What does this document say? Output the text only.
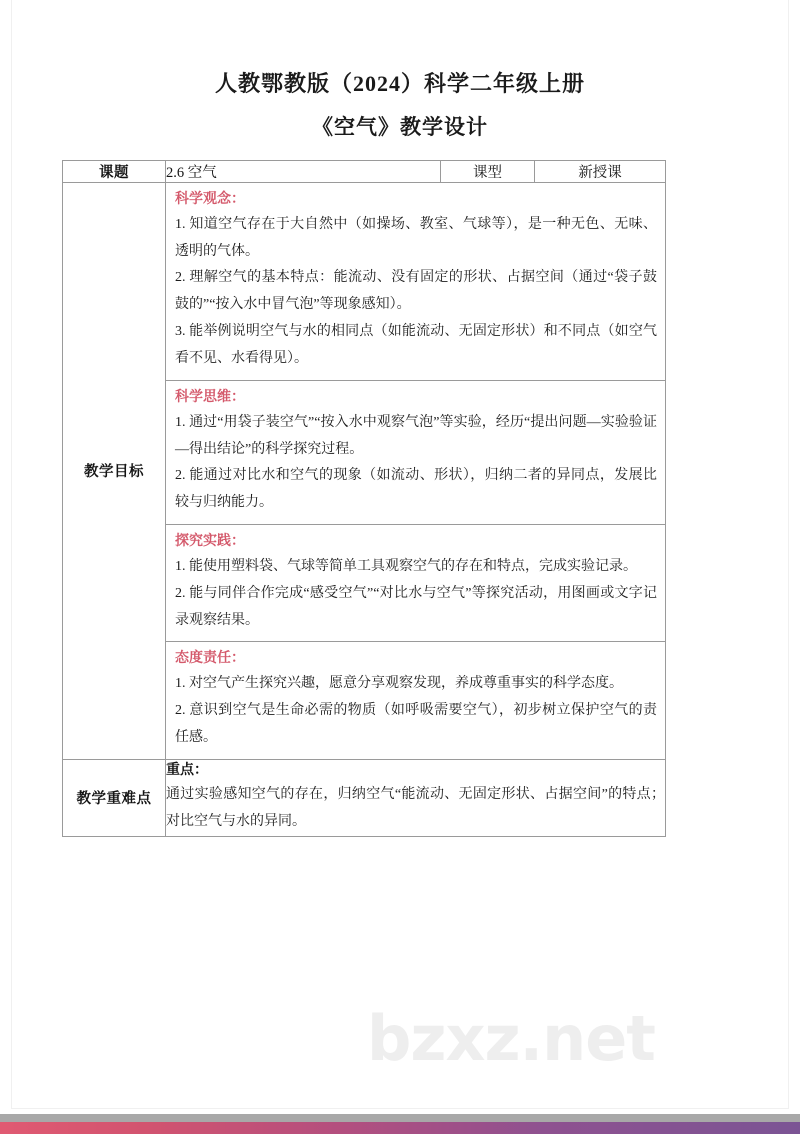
bzxz.net
人教鄂教版（2024）科学二年级上册
《空气》教学设计
课题	2.6 空气	课型	新授课
教学目标	
科学观念：
1. 知道空气存在于大自然中（如操场、教室、气球等），是一种无色、无味、透明的气体。
2. 理解空气的基本特点：能流动、没有固定的形状、占据空间（通过“袋子鼓鼓的”“按入水中冒气泡”等现象感知）。
3. 能举例说明空气与水的相同点（如能流动、无固定形状）和不同点（如空气看不见、水看得见）。
科学思维：
1. 通过“用袋子装空气”“按入水中观察气泡”等实验，经历“提出问题—实验验证—得出结论”的科学探究过程。
2. 能通过对比水和空气的现象（如流动、形状），归纳二者的异同点，发展比较与归纳能力。
探究实践：
1. 能使用塑料袋、气球等简单工具观察空气的存在和特点，完成实验记录。
2. 能与同伴合作完成“感受空气”“对比水与空气”等探究活动，用图画或文字记录观察结果。
态度责任：
1. 对空气产生探究兴趣，愿意分享观察发现，养成尊重事实的科学态度。
2. 意识到空气是生命必需的物质（如呼吸需要空气），初步树立保护空气的责任感。

教学重难点	重点：
通过实验感知空气的存在，归纳空气“能流动、无固定形状、占据空间”的特点；对比空气与水的异同。		
